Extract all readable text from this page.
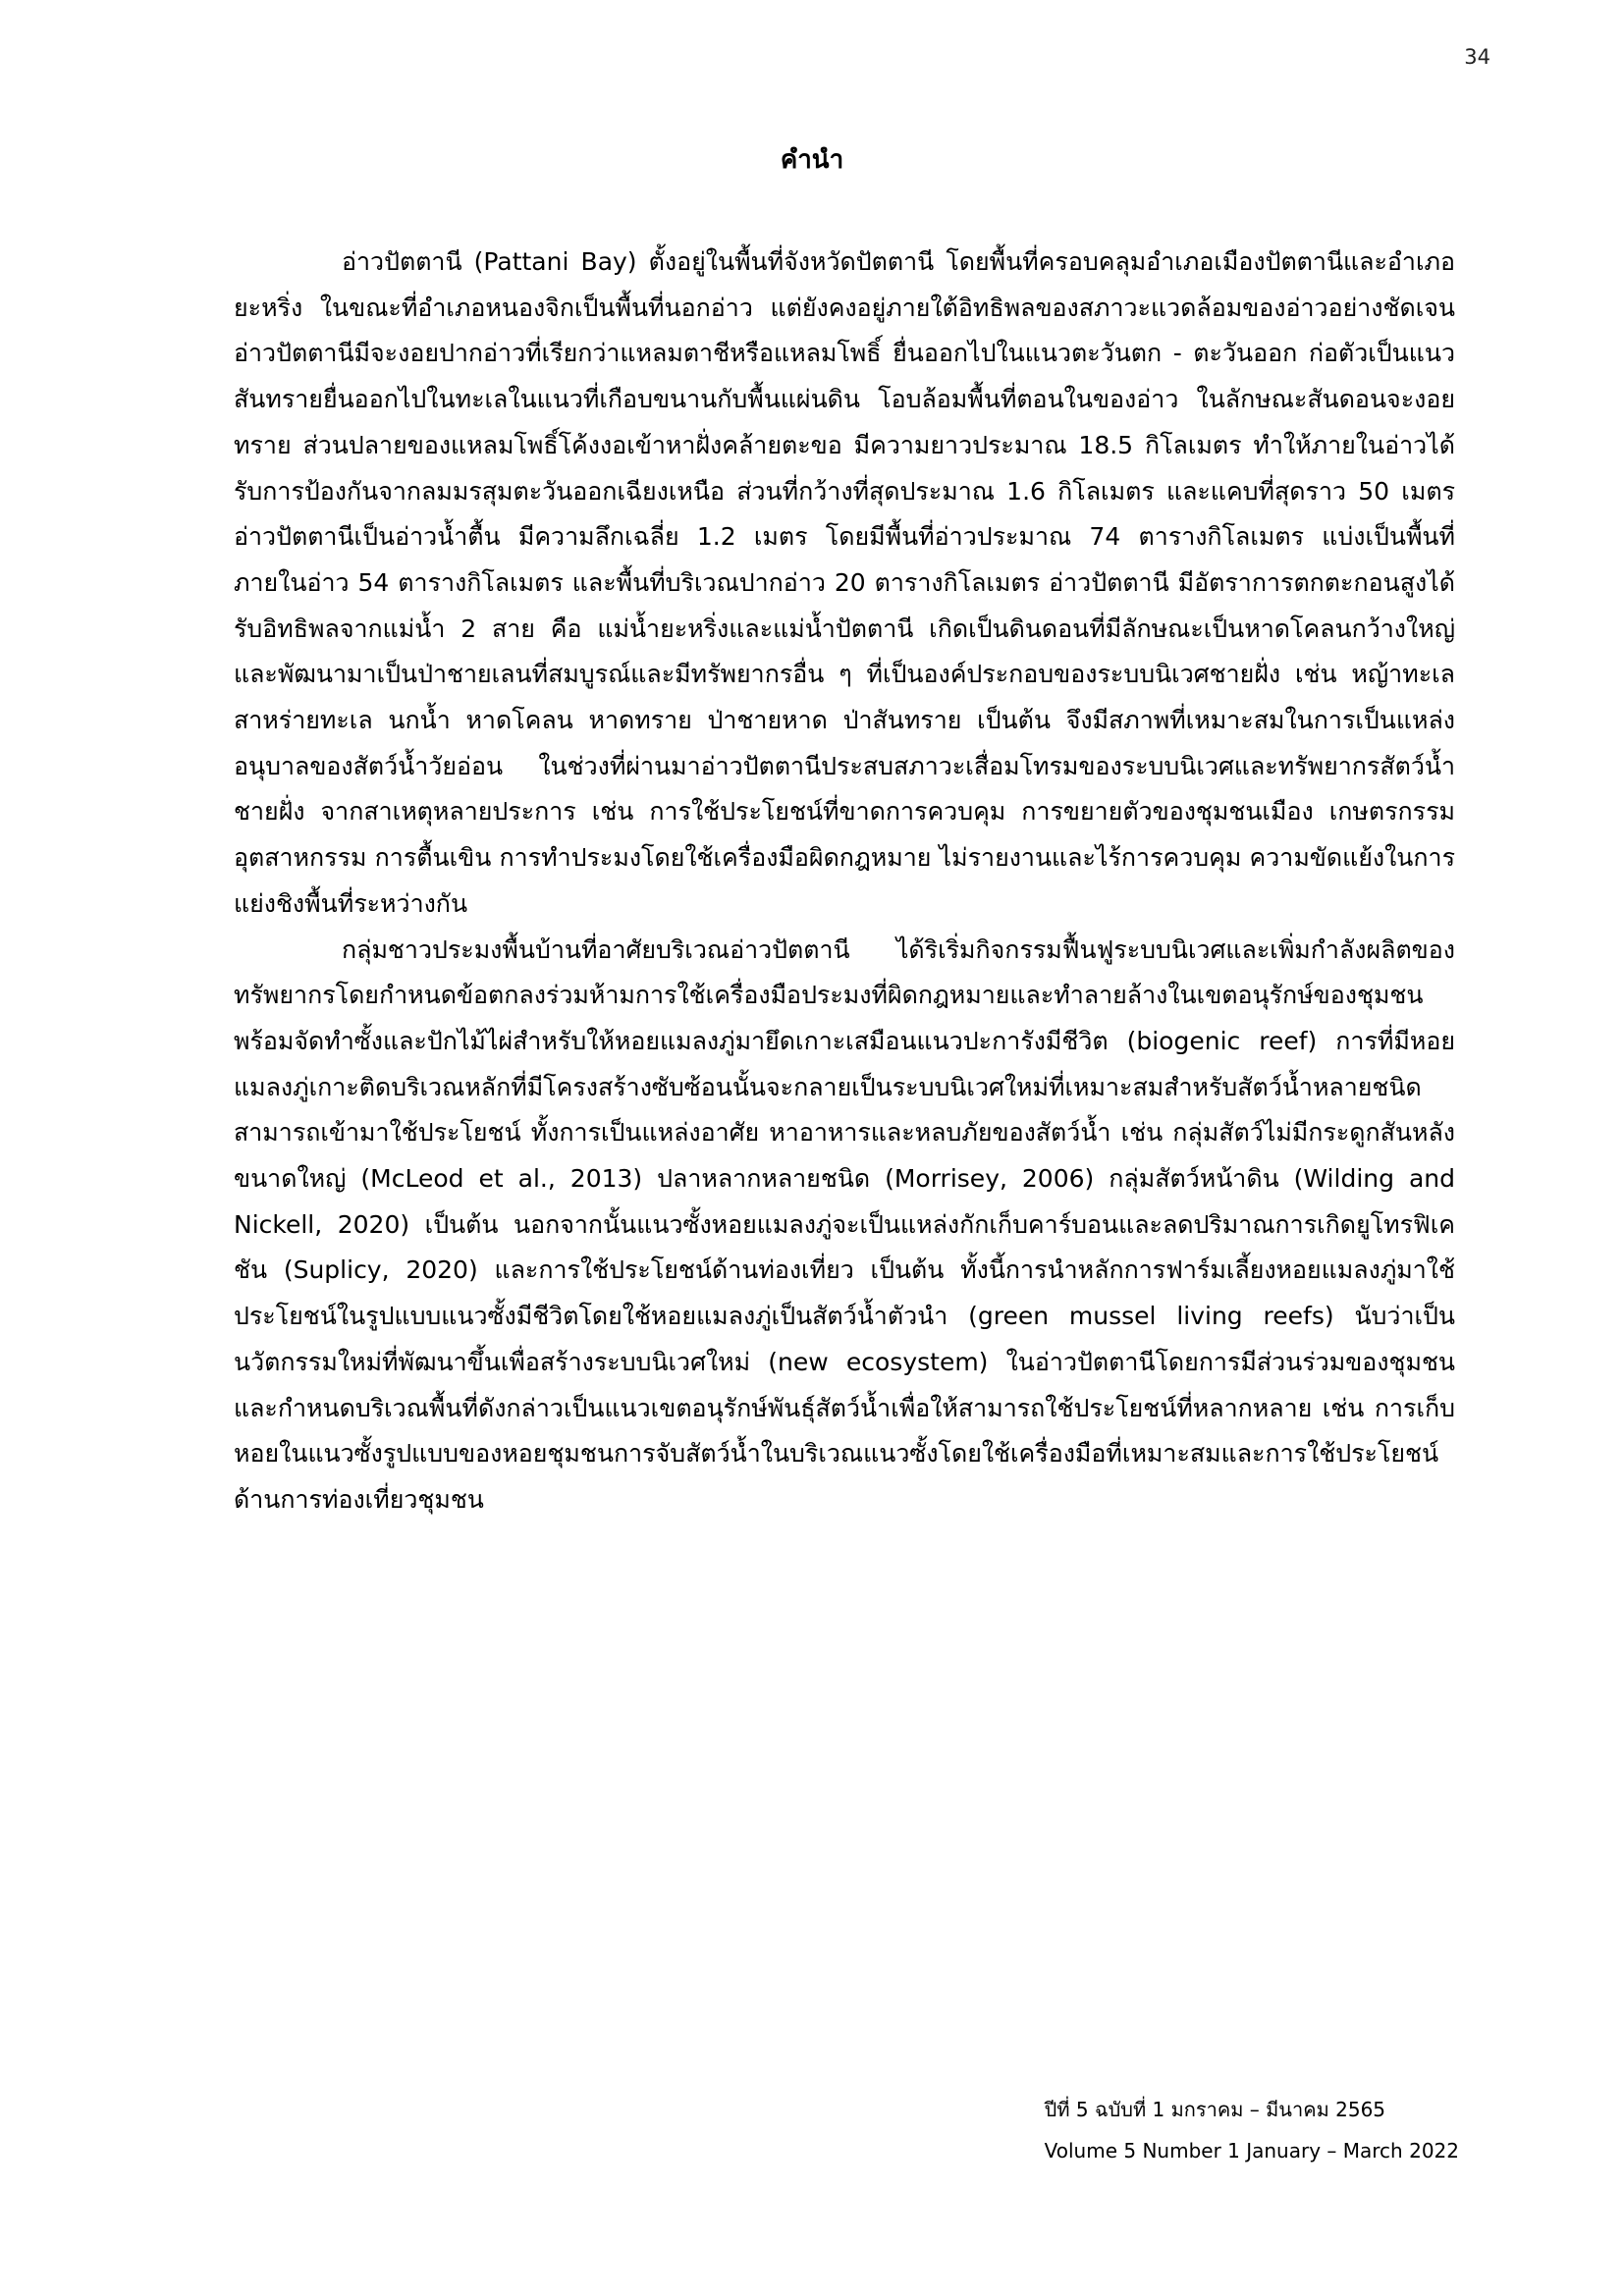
34
คำนำ

อ่าวปัตตานี (Pattani Bay) ตั้งอยู่ในพื้นที่จังหวัดปัตตานี โดยพื้นที่ครอบคลุมอำเภอเมืองปัตตานีและอำเภอยะหริ่ง ในขณะที่อำเภอหนองจิกเป็นพื้นที่นอกอ่าว แต่ยังคงอยู่ภายใต้อิทธิพลของสภาวะแวดล้อมของอ่าวอย่างชัดเจน อ่าวปัตตานีมีจะงอยปากอ่าวที่เรียกว่าแหลมตาชีหรือแหลมโพธิ์ ยื่นออกไปในแนวตะวันตก - ตะวันออก ก่อตัวเป็นแนวสันทรายยื่นออกไปในทะเลในแนวที่เกือบขนานกับพื้นแผ่นดิน โอบล้อมพื้นที่ตอนในของอ่าว ในลักษณะสันดอนจะงอยทราย ส่วนปลายของแหลมโพธิ์โค้งงอเข้าหาฝั่งคล้ายตะขอ มีความยาวประมาณ 18.5 กิโลเมตร ทำให้ภายในอ่าวได้รับการป้องกันจากลมมรสุมตะวันออกเฉียงเหนือ ส่วนที่กว้างที่สุดประมาณ 1.6 กิโลเมตร และแคบที่สุดราว 50 เมตร อ่าวปัตตานีเป็นอ่าวน้ำตื้น มีความลึกเฉลี่ย 1.2 เมตร โดยมีพื้นที่อ่าวประมาณ 74 ตารางกิโลเมตร แบ่งเป็นพื้นที่ภายในอ่าว 54 ตารางกิโลเมตร และพื้นที่บริเวณปากอ่าว 20 ตารางกิโลเมตร อ่าวปัตตานี มีอัตราการตกตะกอนสูงได้รับอิทธิพลจากแม่น้ำ 2 สาย คือ แม่น้ำยะหริ่งและแม่น้ำปัตตานี เกิดเป็นดินดอนที่มีลักษณะเป็นหาดโคลนกว้างใหญ่และพัฒนามาเป็นป่าชายเลนที่สมบูรณ์และมีทรัพยากรอื่น ๆ ที่เป็นองค์ประกอบของระบบนิเวศชายฝั่ง เช่น หญ้าทะเล สาหร่ายทะเล นกน้ำ หาดโคลน หาดทราย ป่าชายหาด ป่าสันทราย เป็นต้น จึงมีสภาพที่เหมาะสมในการเป็นแหล่งอนุบาลของสัตว์น้ำวัยอ่อน ในช่วงที่ผ่านมาอ่าวปัตตานีประสบสภาวะเสื่อมโทรมของระบบนิเวศและทรัพยากรสัตว์น้ำชายฝั่ง จากสาเหตุหลายประการ เช่น การใช้ประโยชน์ที่ขาดการควบคุม การขยายตัวของชุมชนเมือง เกษตรกรรม อุตสาหกรรม การตื้นเขิน การทำประมงโดยใช้เครื่องมือผิดกฎหมาย ไม่รายงานและไร้การควบคุม ความขัดแย้งในการแย่งชิงพื้นที่ระหว่างกัน

กลุ่มชาวประมงพื้นบ้านที่อาศัยบริเวณอ่าวปัตตานี ได้ริเริ่มกิจกรรมฟื้นฟูระบบนิเวศและเพิ่มกำลังผลิตของทรัพยากรโดยกำหนดข้อตกลงร่วมห้ามการใช้เครื่องมือประมงที่ผิดกฎหมายและทำลายล้างในเขตอนุรักษ์ของชุมชนพร้อมจัดทำซั้งและปักไม้ไผ่สำหรับให้หอยแมลงภู่มายึดเกาะเสมือนแนวปะการังมีชีวิต (biogenic reef) การที่มีหอยแมลงภู่เกาะติดบริเวณหลักที่มีโครงสร้างซับซ้อนนั้นจะกลายเป็นระบบนิเวศใหม่ที่เหมาะสมสำหรับสัตว์น้ำหลายชนิดสามารถเข้ามาใช้ประโยชน์ ทั้งการเป็นแหล่งอาศัย หาอาหารและหลบภัยของสัตว์น้ำ เช่น กลุ่มสัตว์ไม่มีกระดูกสันหลังขนาดใหญ่ (McLeod et al., 2013) ปลาหลากหลายชนิด (Morrisey, 2006) กลุ่มสัตว์หน้าดิน (Wilding and Nickell, 2020) เป็นต้น นอกจากนั้นแนวซั้งหอยแมลงภู่จะเป็นแหล่งกักเก็บคาร์บอนและลดปริมาณการเกิดยูโทรฟิเคชัน (Suplicy, 2020) และการใช้ประโยชน์ด้านท่องเที่ยว เป็นต้น ทั้งนี้การนำหลักการฟาร์มเลี้ยงหอยแมลงภู่มาใช้ประโยชน์ในรูปแบบแนวซั้งมีชีวิตโดยใช้หอยแมลงภู่เป็นสัตว์น้ำตัวนำ (green mussel living reefs) นับว่าเป็นนวัตกรรมใหม่ที่พัฒนาขึ้นเพื่อสร้างระบบนิเวศใหม่ (new ecosystem) ในอ่าวปัตตานีโดยการมีส่วนร่วมของชุมชน และกำหนดบริเวณพื้นที่ดังกล่าวเป็นแนวเขตอนุรักษ์พันธุ์สัตว์น้ำเพื่อให้สามารถใช้ประโยชน์ที่หลากหลาย เช่น การเก็บหอยในแนวซั้งรูปแบบของหอยชุมชนการจับสัตว์น้ำในบริเวณแนวซั้งโดยใช้เครื่องมือที่เหมาะสมและการใช้ประโยชน์ด้านการท่องเที่ยวชุมชน

ปีที่ 5 ฉบับที่ 1 มกราคม – มีนาคม 2565
Volume 5 Number 1 January – March 2022
